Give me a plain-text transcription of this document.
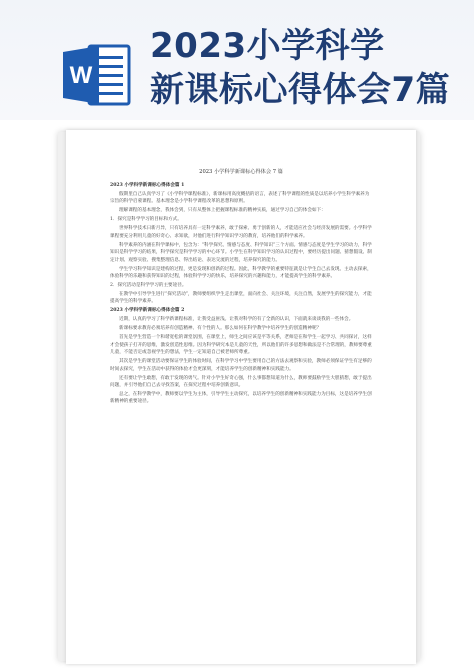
W
2023小学科学
新课标心得体会7篇
2023 小学科学新课标心得体会 7 篇

2023 小学科学新课标心得体会篇 1

假期里自己认真学习了《小学科学课程标准》，新课标用高度概括的语言，表述了科学课程的性质是以培养小学生科学素养为宗旨的科学启蒙课程。基本理念是小学科学课程改革的思想和原则。

理解课程的基本理念，我体会到，只有从整体上把握课程标准的精神实质，通过学习自己的体会如下：

1．探究是科学学习的目标和方式。

世界科学技术日新月异，只有培养具有一定科学素养，敢于探索、勇于创新的人，才能适应社会与经济发展的需要。小学科学课程要充分利用儿童的好奇心、求知欲，对他们进行科学知识学习的教育，培养他们的科学素养。

科学素养的内涵在科学课标中，包含为：“科学探究、情感与态度、科学知识”三个方面。情感与态度是学生学习的动力，科学知识是科学学习的结果，科学探究是科学学习的中心环节。小学生在科学知识学习的认识过程中，要经历提出问题、猜想假设、制定计划、观察实验、搜集整理信息、得出结论、表达交流的过程，培养探究的能力。

学生学习科学知识是建构的过程，更是发现和创新的过程。因此，科学教学的重要特征就是让学生自己去发现、主动去探索，体验科学的乐趣和获得知识的过程，体验科学学习的快乐，培养探究的兴趣和能力，才能提高学生的科学素养。

2．探究活动是科学学习的主要途径。

在教学中引导学生进行“探究活动”，教师要组织学生走出课堂，面向社会、关注环境，关注自然，发展学生的探究能力，才能提高学生的科学素养。

2023 小学科学新课标心得体会篇 2

近期，认真的学习了科学新课程标准，让我受益匪浅。让我对科学的有了全新的认识，下面就来谈谈我的一些体会。

新课标要求教育必须培养有创造精神、有个性的人。那么如何在科学教学中培养学生的创造精神呢？

首先是学生营造一个和谐宽松的课堂氛围，在课堂上，师生之间应该是平等关系，老师是在和学生一起学习、共同探讨，这样才会使孩子打开的思维，激发创造性思维。因为科学研究本是儿童的天性，所以他们的许多思想和做法是不合常理的，教师要尊重儿童，不能否定或忽视学生的想法，学生一定知道自己被老师所尊重。

其次是学生的课堂活动要保证学生的体验时间，在科学学习中学生要用自己的方法去观察和实验，教师必须保证学生有足够的时间去探究，学生在活动中获得的体验才会更深刻，才能培养学生的创新精神和实践能力。

还有要让学生敢想，有敢于发现的勇气。针对小学生好奇心强，什么事都想知道为什么，教师要鼓励学生大胆猜想，敢于提出问题，并引导他们自己去寻找答案，在探究过程中培养创新意识。

总之，在科学教学中，教师要以学生为主体，引导学生主动探究，以培养学生的创新精神和实践能力为目标，这是培养学生创新精神的重要途径。
